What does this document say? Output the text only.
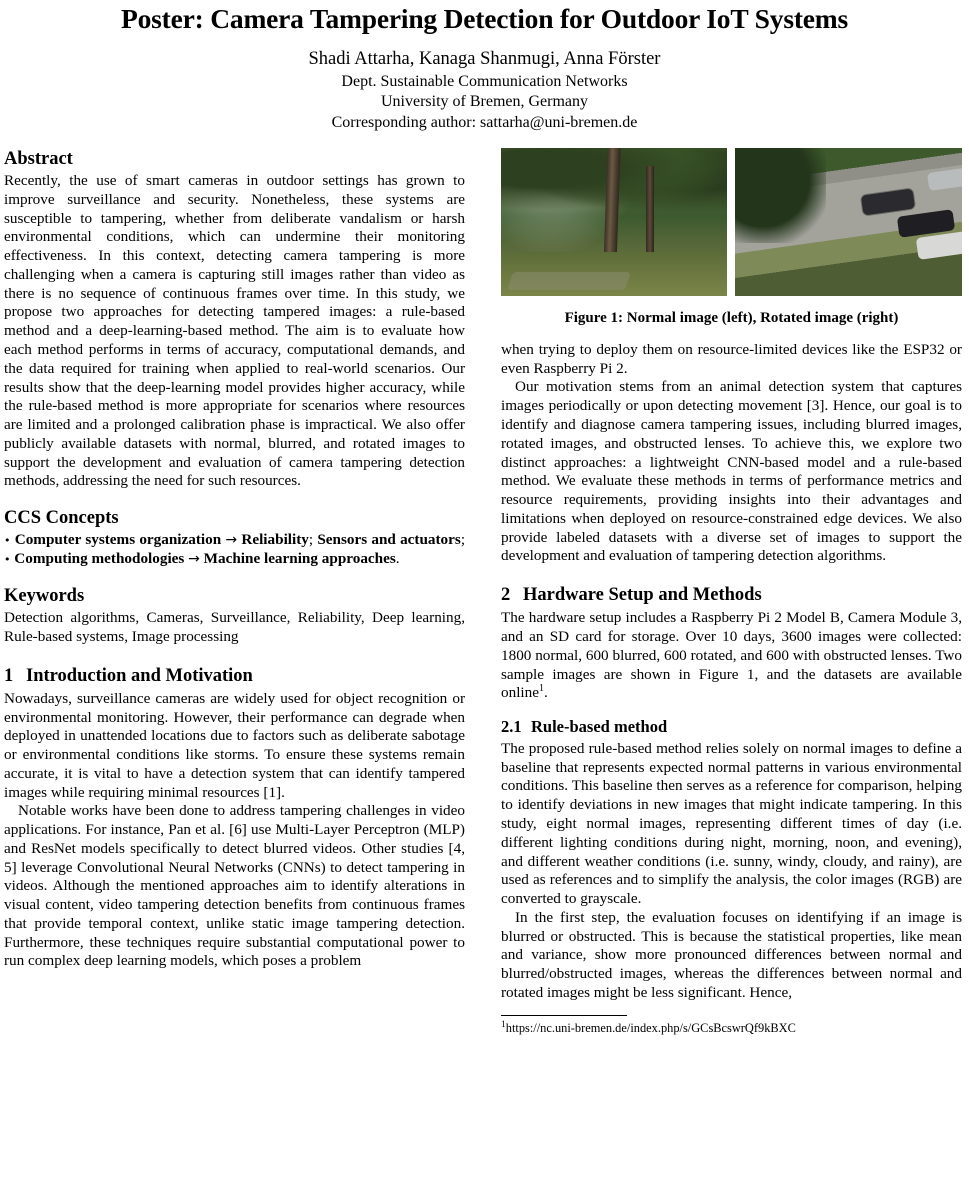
Poster: Camera Tampering Detection for Outdoor IoT Systems
Shadi Attarha, Kanaga Shanmugi, Anna Förster
Dept. Sustainable Communication Networks
University of Bremen, Germany
Corresponding author: sattarha@uni-bremen.de
Abstract

Recently, the use of smart cameras in outdoor settings has grown to improve surveillance and security. Nonetheless, these systems are susceptible to tampering, whether from deliberate vandalism or harsh environmental conditions, which can undermine their monitoring effectiveness. In this context, detecting camera tampering is more challenging when a camera is capturing still images rather than video as there is no sequence of continuous frames over time. In this study, we propose two approaches for detecting tampered images: a rule-based method and a deep-learning-based method. The aim is to evaluate how each method performs in terms of accuracy, computational demands, and the data required for training when applied to real-world scenarios. Our results show that the deep-learning model provides higher accuracy, while the rule-based method is more appropriate for scenarios where resources are limited and a prolonged calibration phase is impractical. We also offer publicly available datasets with normal, blurred, and rotated images to support the development and evaluation of camera tampering detection methods, addressing the need for such resources.

CCS Concepts

• Computer systems organization → Reliability; Sensors and actuators; • Computing methodologies → Machine learning approaches.

Keywords

Detection algorithms, Cameras, Surveillance, Reliability, Deep learning, Rule-based systems, Image processing

1 Introduction and Motivation

Nowadays, surveillance cameras are widely used for object recognition or environmental monitoring. However, their performance can degrade when deployed in unattended locations due to factors such as deliberate sabotage or environmental conditions like storms. To ensure these systems remain accurate, it is vital to have a detection system that can identify tampered images while requiring minimal resources [1].

Notable works have been done to address tampering challenges in video applications. For instance, Pan et al. [6] use Multi-Layer Perceptron (MLP) and ResNet models specifically to detect blurred videos. Other studies [4, 5] leverage Convolutional Neural Networks (CNNs) to detect tampering in videos. Although the mentioned approaches aim to identify alterations in visual content, video tampering detection benefits from continuous frames that provide temporal context, unlike static image tampering detection. Furthermore, these techniques require substantial computational power to run complex deep learning models, which poses a problem

Figure 1: Normal image (left), Rotated image (right)

when trying to deploy them on resource-limited devices like the ESP32 or even Raspberry Pi 2.

Our motivation stems from an animal detection system that captures images periodically or upon detecting movement [3]. Hence, our goal is to identify and diagnose camera tampering issues, including blurred images, rotated images, and obstructed lenses. To achieve this, we explore two distinct approaches: a lightweight CNN-based model and a rule-based method. We evaluate these methods in terms of performance metrics and resource requirements, providing insights into their advantages and limitations when deployed on resource-constrained edge devices. We also provide labeled datasets with a diverse set of images to support the development and evaluation of tampering detection algorithms.

2 Hardware Setup and Methods

The hardware setup includes a Raspberry Pi 2 Model B, Camera Module 3, and an SD card for storage. Over 10 days, 3600 images were collected: 1800 normal, 600 blurred, 600 rotated, and 600 with obstructed lenses. Two sample images are shown in Figure 1, and the datasets are available online$^1$.

2.1 Rule-based method

The proposed rule-based method relies solely on normal images to define a baseline that represents expected normal patterns in various environmental conditions. This baseline then serves as a reference for comparison, helping to identify deviations in new images that might indicate tampering. In this study, eight normal images, representing different times of day (i.e. different lighting conditions during night, morning, noon, and evening), and different weather conditions (i.e. sunny, windy, cloudy, and rainy), are used as references and to simplify the analysis, the color images (RGB) are converted to grayscale.

In the first step, the evaluation focuses on identifying if an image is blurred or obstructed. This is because the statistical properties, like mean and variance, show more pronounced differences between normal and blurred/obstructed images, whereas the differences between normal and rotated images might be less significant. Hence,

$^1$https://nc.uni-bremen.de/index.php/s/GCsBcswrQf9kBXC
